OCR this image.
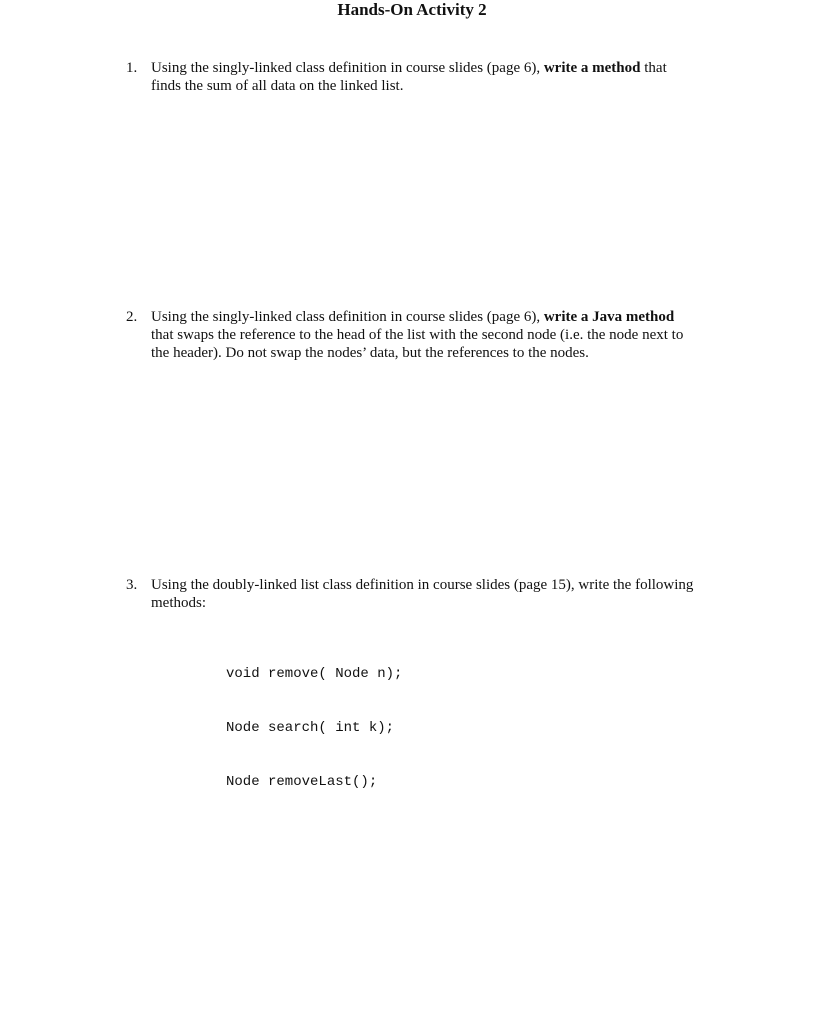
Hands-On Activity 2
1. Using the singly-linked class definition in course slides (page 6), write a method that finds the sum of all data on the linked list.
2. Using the singly-linked class definition in course slides (page 6), write a Java method that swaps the reference to the head of the list with the second node (i.e. the node next to the header). Do not swap the nodes’ data, but the references to the nodes.
3. Using the doubly-linked list class definition in course slides (page 15), write the following methods:

void remove( Node n);

Node search( int k);

Node removeLast();
